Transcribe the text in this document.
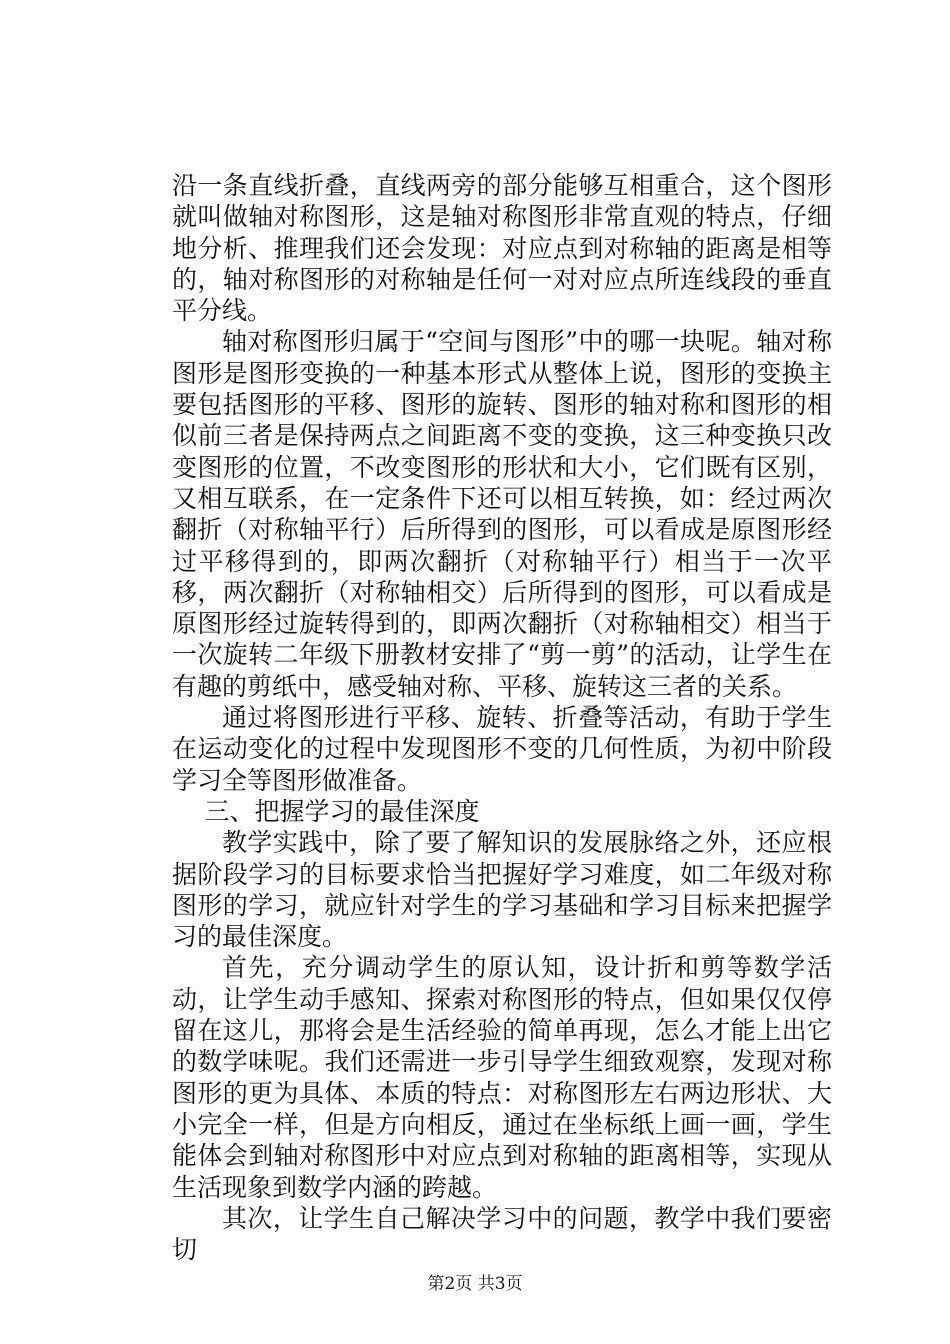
沿一条直线折叠，直线两旁的部分能够互相重合，这个图形就叫做轴对称图形，这是轴对称图形非常直观的特点，仔细地分析、推理我们还会发现：对应点到对称轴的距离是相等的，轴对称图形的对称轴是任何一对对应点所连线段的垂直平分线。

轴对称图形归属于“空间与图形”中的哪一块呢。轴对称图形是图形变换的一种基本形式从整体上说，图形的变换主要包括图形的平移、图形的旋转、图形的轴对称和图形的相似前三者是保持两点之间距离不变的变换，这三种变换只改变图形的位置，不改变图形的形状和大小，它们既有区别，又相互联系，在一定条件下还可以相互转换，如：经过两次翻折（对称轴平行）后所得到的图形，可以看成是原图形经过平移得到的，即两次翻折（对称轴平行）相当于一次平移，两次翻折（对称轴相交）后所得到的图形，可以看成是原图形经过旋转得到的，即两次翻折（对称轴相交）相当于一次旋转二年级下册教材安排了“剪一剪”的活动，让学生在有趣的剪纸中，感受轴对称、平移、旋转这三者的关系。

通过将图形进行平移、旋转、折叠等活动，有助于学生在运动变化的过程中发现图形不变的几何性质，为初中阶段学习全等图形做准备。

三、把握学习的最佳深度

教学实践中，除了要了解知识的发展脉络之外，还应根据阶段学习的目标要求恰当把握好学习难度，如二年级对称图形的学习，就应针对学生的学习基础和学习目标来把握学习的最佳深度。

首先，充分调动学生的原认知，设计折和剪等数学活动，让学生动手感知、探索对称图形的特点，但如果仅仅停留在这儿，那将会是生活经验的简单再现，怎么才能上出它的数学味呢。我们还需进一步引导学生细致观察，发现对称图形的更为具体、本质的特点：对称图形左右两边形状、大小完全一样，但是方向相反，通过在坐标纸上画一画，学生能体会到轴对称图形中对应点到对称轴的距离相等，实现从生活现象到数学内涵的跨越。

其次，让学生自己解决学习中的问题，教学中我们要密切

第2页 共3页
